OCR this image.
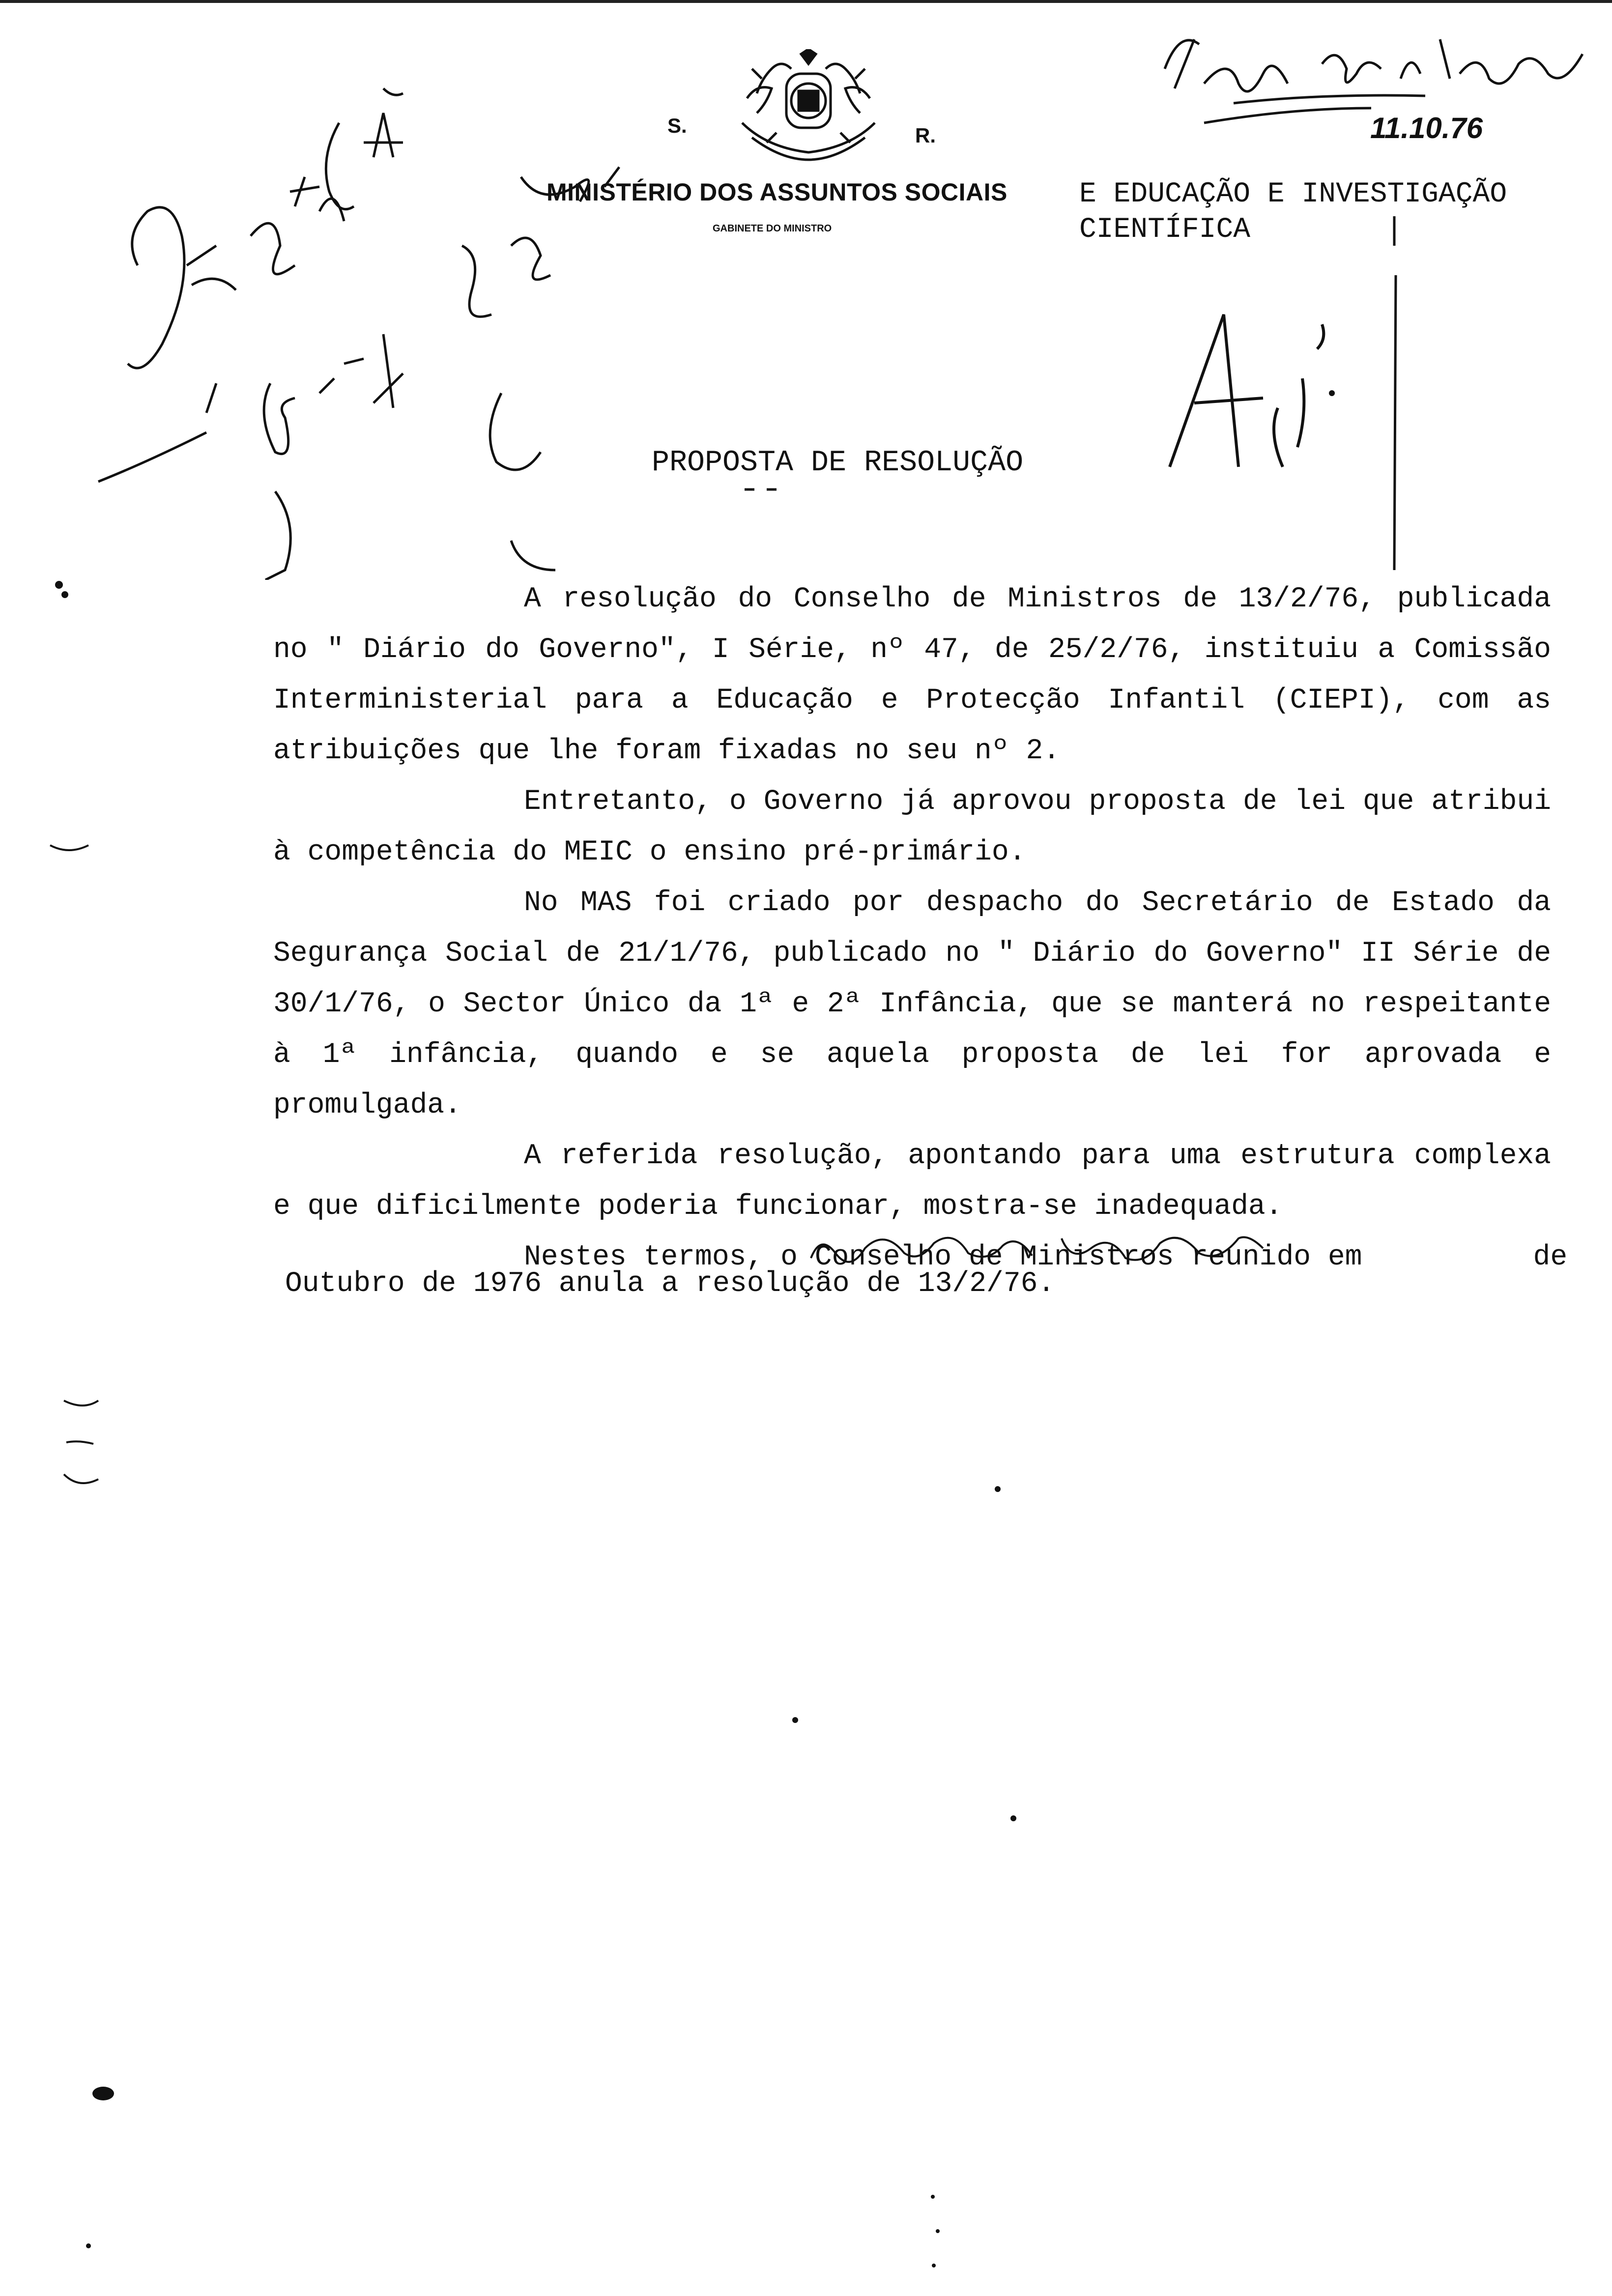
S.	R.
MINISTÉRIO DOS ASSUNTOS SOCIAIS
GABINETE DO MINISTRO
E EDUCAÇÃO E INVESTIGAÇÃO
CIENTÍFICA
11.10.76
PROPOSTA DE RESOLUÇÃO

A resolução do Conselho de Ministros de 13/2/76, publicada no " Diário do Governo", I Série, nº 47, de 25/2/76, instituiu a Comissão Interministerial para a Educação e Protecção Infantil (CIEPI), com as atribuições que lhe foram fixadas no seu nº 2.

Entretanto, o Governo já aprovou proposta de lei que atribui à competência do MEIC o ensino pré-primário.

No MAS foi criado por despacho do Secretário de Estado da Segurança Social de 21/1/76, publicado no " Diário do Governo" II Série de 30/1/76, o Sector Único da 1ª e 2ª Infância, que se manterá no respeitante à 1ª infância, quando e se aquela proposta de lei for aprovada e promulgada.

A referida resolução, apontando para uma estrutura complexa e que dificilmente poderia funcionar, mostra-se inadequada.

Nestes termos, o Conselho de Ministros reunido em          de

Outubro de 1976 anula a resolução de 13/2/76.
